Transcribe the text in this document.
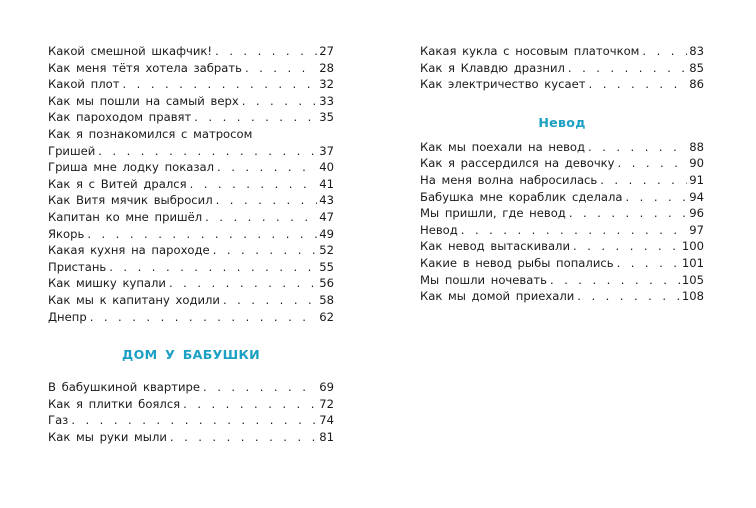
Какой смешной шкафчик! . . .	27
Как меня тётя хотела забрать . . .	28
Какой плот . . .	32
Как мы пошли на самый верх . . .	33
Как пароходом правят . . .	35
Как я познакомился с матросом
Гришей . . .	37
Гриша мне лодку показал . . .	40
Как я с Витей дрался . . .	41
Как Витя мячик выбросил . . .	43
Капитан ко мне пришёл . . .	47
Якорь . . .	49
Какая кухня на пароходе . . .	52
Пристань . . .	55
Как мишку купали . . .	56
Как мы к капитану ходили . . .	58
Днепр . . .	62
ДОМ У БАБУШКИ
В бабушкиной квартире . . .	69
Как я плитки боялся . . .	72
Газ . . .	74
Как мы руки мыли . . .	81
Какая кукла с носовым платочком . . .	83
Как я Клавдю дразнил . . .	85
Как электричество кусает . . .	86
Невод
Как мы поехали на невод . . .	88
Как я рассердился на девочку . . .	90
На меня волна набросилась . . .	91
Бабушка мне кораблик сделала . . .	94
Мы пришли, где невод . . .	96
Невод . . .	97
Как невод вытаскивали . . .	100
Какие в невод рыбы попались . . .	101
Мы пошли ночевать . . .	105
Как мы домой приехали . . .	108
